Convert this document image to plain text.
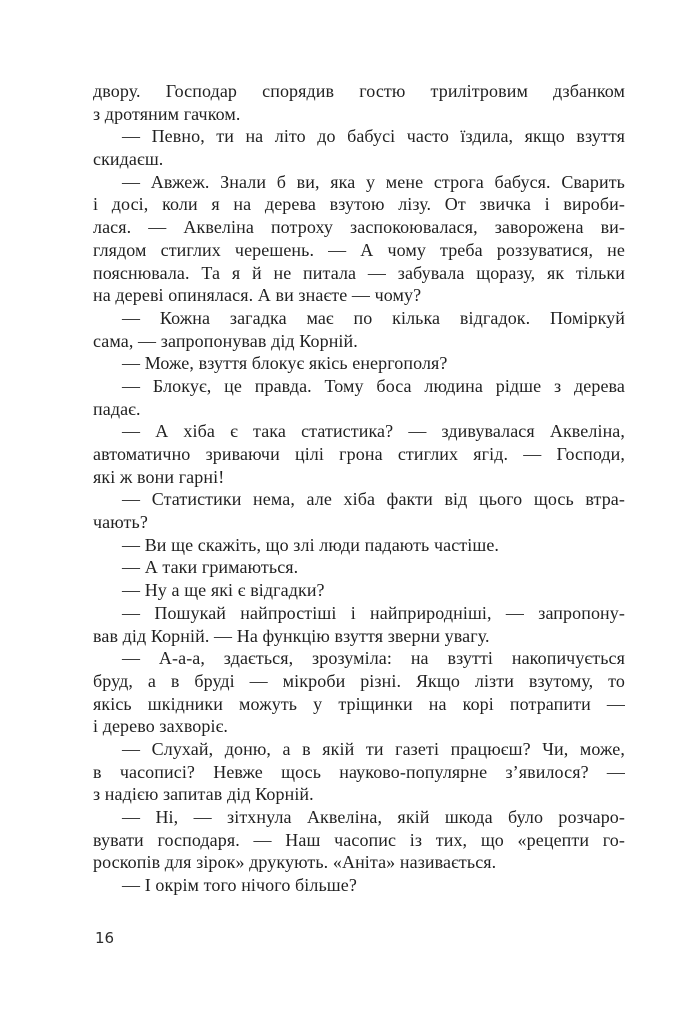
двору. Господар спорядив гостю трилітровим дзбанком
з дротяним гачком.
— Певно, ти на літо до бабусі часто їздила, якщо взуття
скидаєш.
— Авжеж. Знали б ви, яка у мене строга бабуся. Сварить
і досі, коли я на дерева взутою лізу. От звичка і вироби-
лася. — Аквеліна потроху заспокоювалася, заворожена ви-
глядом стиглих черешень. — А чому треба роззуватися, не
пояснювала. Та я й не питала — забувала щоразу, як тільки
на дереві опинялася. А ви знаєте — чому?
— Кожна загадка має по кілька відгадок. Поміркуй
сама, — запропонував дід Корній.
— Може, взуття блокує якісь енергополя?
— Блокує, це правда. Тому боса людина рідше з дерева
падає.
— А хіба є така статистика? — здивувалася Аквеліна,
автоматично зриваючи цілі грона стиглих ягід. — Господи,
які ж вони гарні!
— Статистики нема, але хіба факти від цього щось втра-
чають?
— Ви ще скажіть, що злі люди падають частіше.
— А таки гримаються.
— Ну а ще які є відгадки?
— Пошукай найпростіші і найприродніші, — запропону-
вав дід Корній. — На функцію взуття зверни увагу.
— А-а-а, здається, зрозуміла: на взутті накопичується
бруд, а в бруді — мікроби різні. Якщо лізти взутому, то
якісь шкідники можуть у тріщинки на корі потрапити —
і дерево захворіє.
— Слухай, доню, а в якій ти газеті працюєш? Чи, може,
в часописі? Невже щось науково-популярне з’явилося? —
з надією запитав дід Корній.
— Ні, — зітхнула Аквеліна, якій шкода було розчаро-
вувати господаря. — Наш часопис із тих, що «рецепти го-
роскопів для зірок» друкують. «Аніта» називається.
— І окрім того нічого більше?
16
